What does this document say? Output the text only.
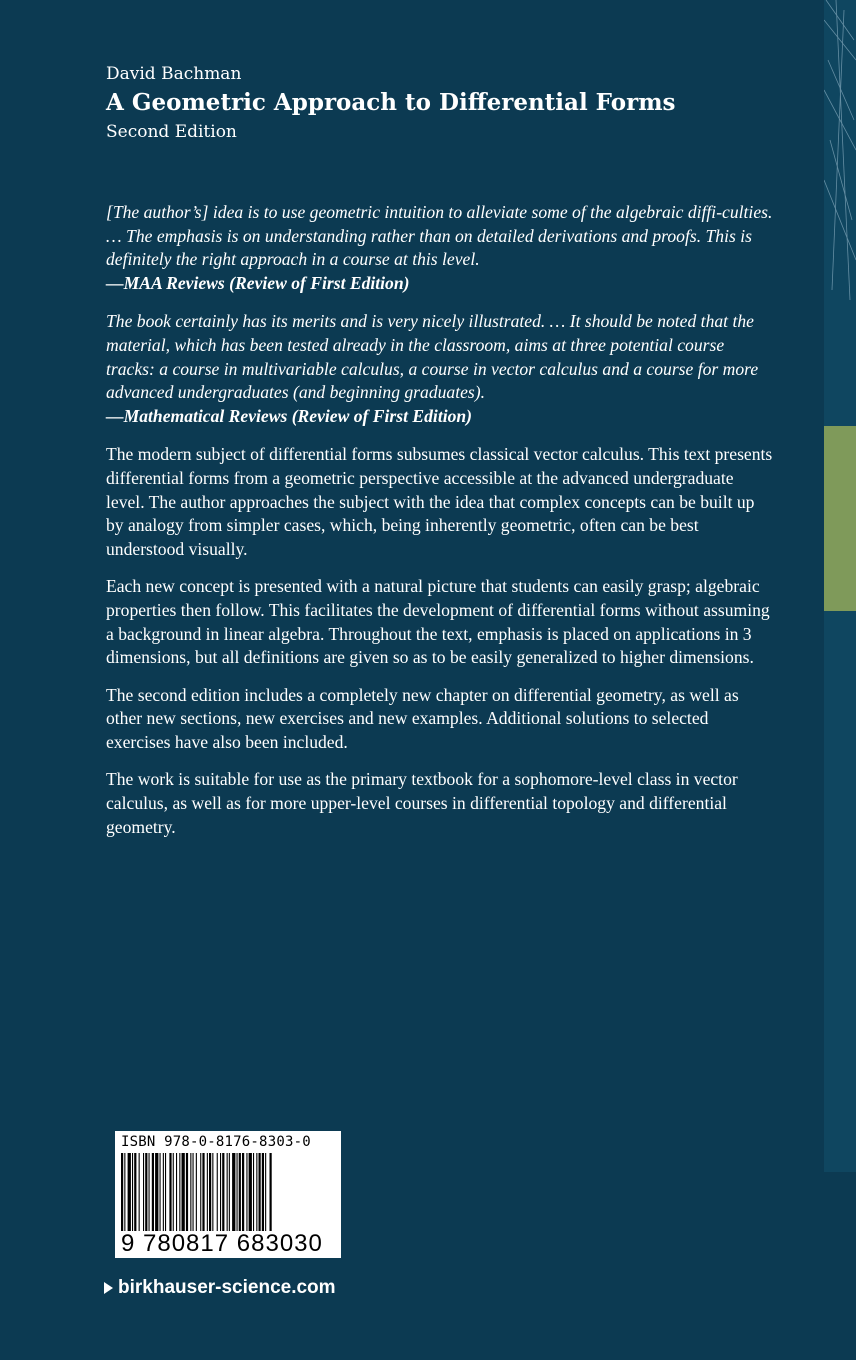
David Bachman
A Geometric Approach to Differential Forms
Second Edition

[The author’s] idea is to use geometric intuition to alleviate some of the algebraic diffi-culties. … The emphasis is on understanding rather than on detailed derivations and proofs. This is definitely the right approach in a course at this level.

—MAA Reviews (Review of First Edition)

The book certainly has its merits and is very nicely illustrated. … It should be noted that the material, which has been tested already in the classroom, aims at three potential course tracks: a course in multivariable calculus, a course in vector calculus and a course for more advanced undergraduates (and beginning graduates).

—Mathematical Reviews (Review of First Edition)

The modern subject of differential forms subsumes classical vector calculus. This text presents differential forms from a geometric perspective accessible at the advanced undergraduate level. The author approaches the subject with the idea that complex concepts can be built up by analogy from simpler cases, which, being inherently geometric, often can be best understood visually.

Each new concept is presented with a natural picture that students can easily grasp; algebraic properties then follow. This facilitates the development of differential forms without assuming a background in linear algebra. Throughout the text, emphasis is placed on applications in 3 dimensions, but all definitions are given so as to be easily generalized to higher dimensions.

The second edition includes a completely new chapter on differential geometry, as well as other new sections, new exercises and new examples. Additional solutions to selected exercises have also been included.

The work is suitable for use as the primary textbook for a sophomore-level class in vector calculus, as well as for more upper-level courses in differential topology and differential geometry.

ISBN 978-0-8176-8303-0
9 780817 683030
birkhauser-science.com
